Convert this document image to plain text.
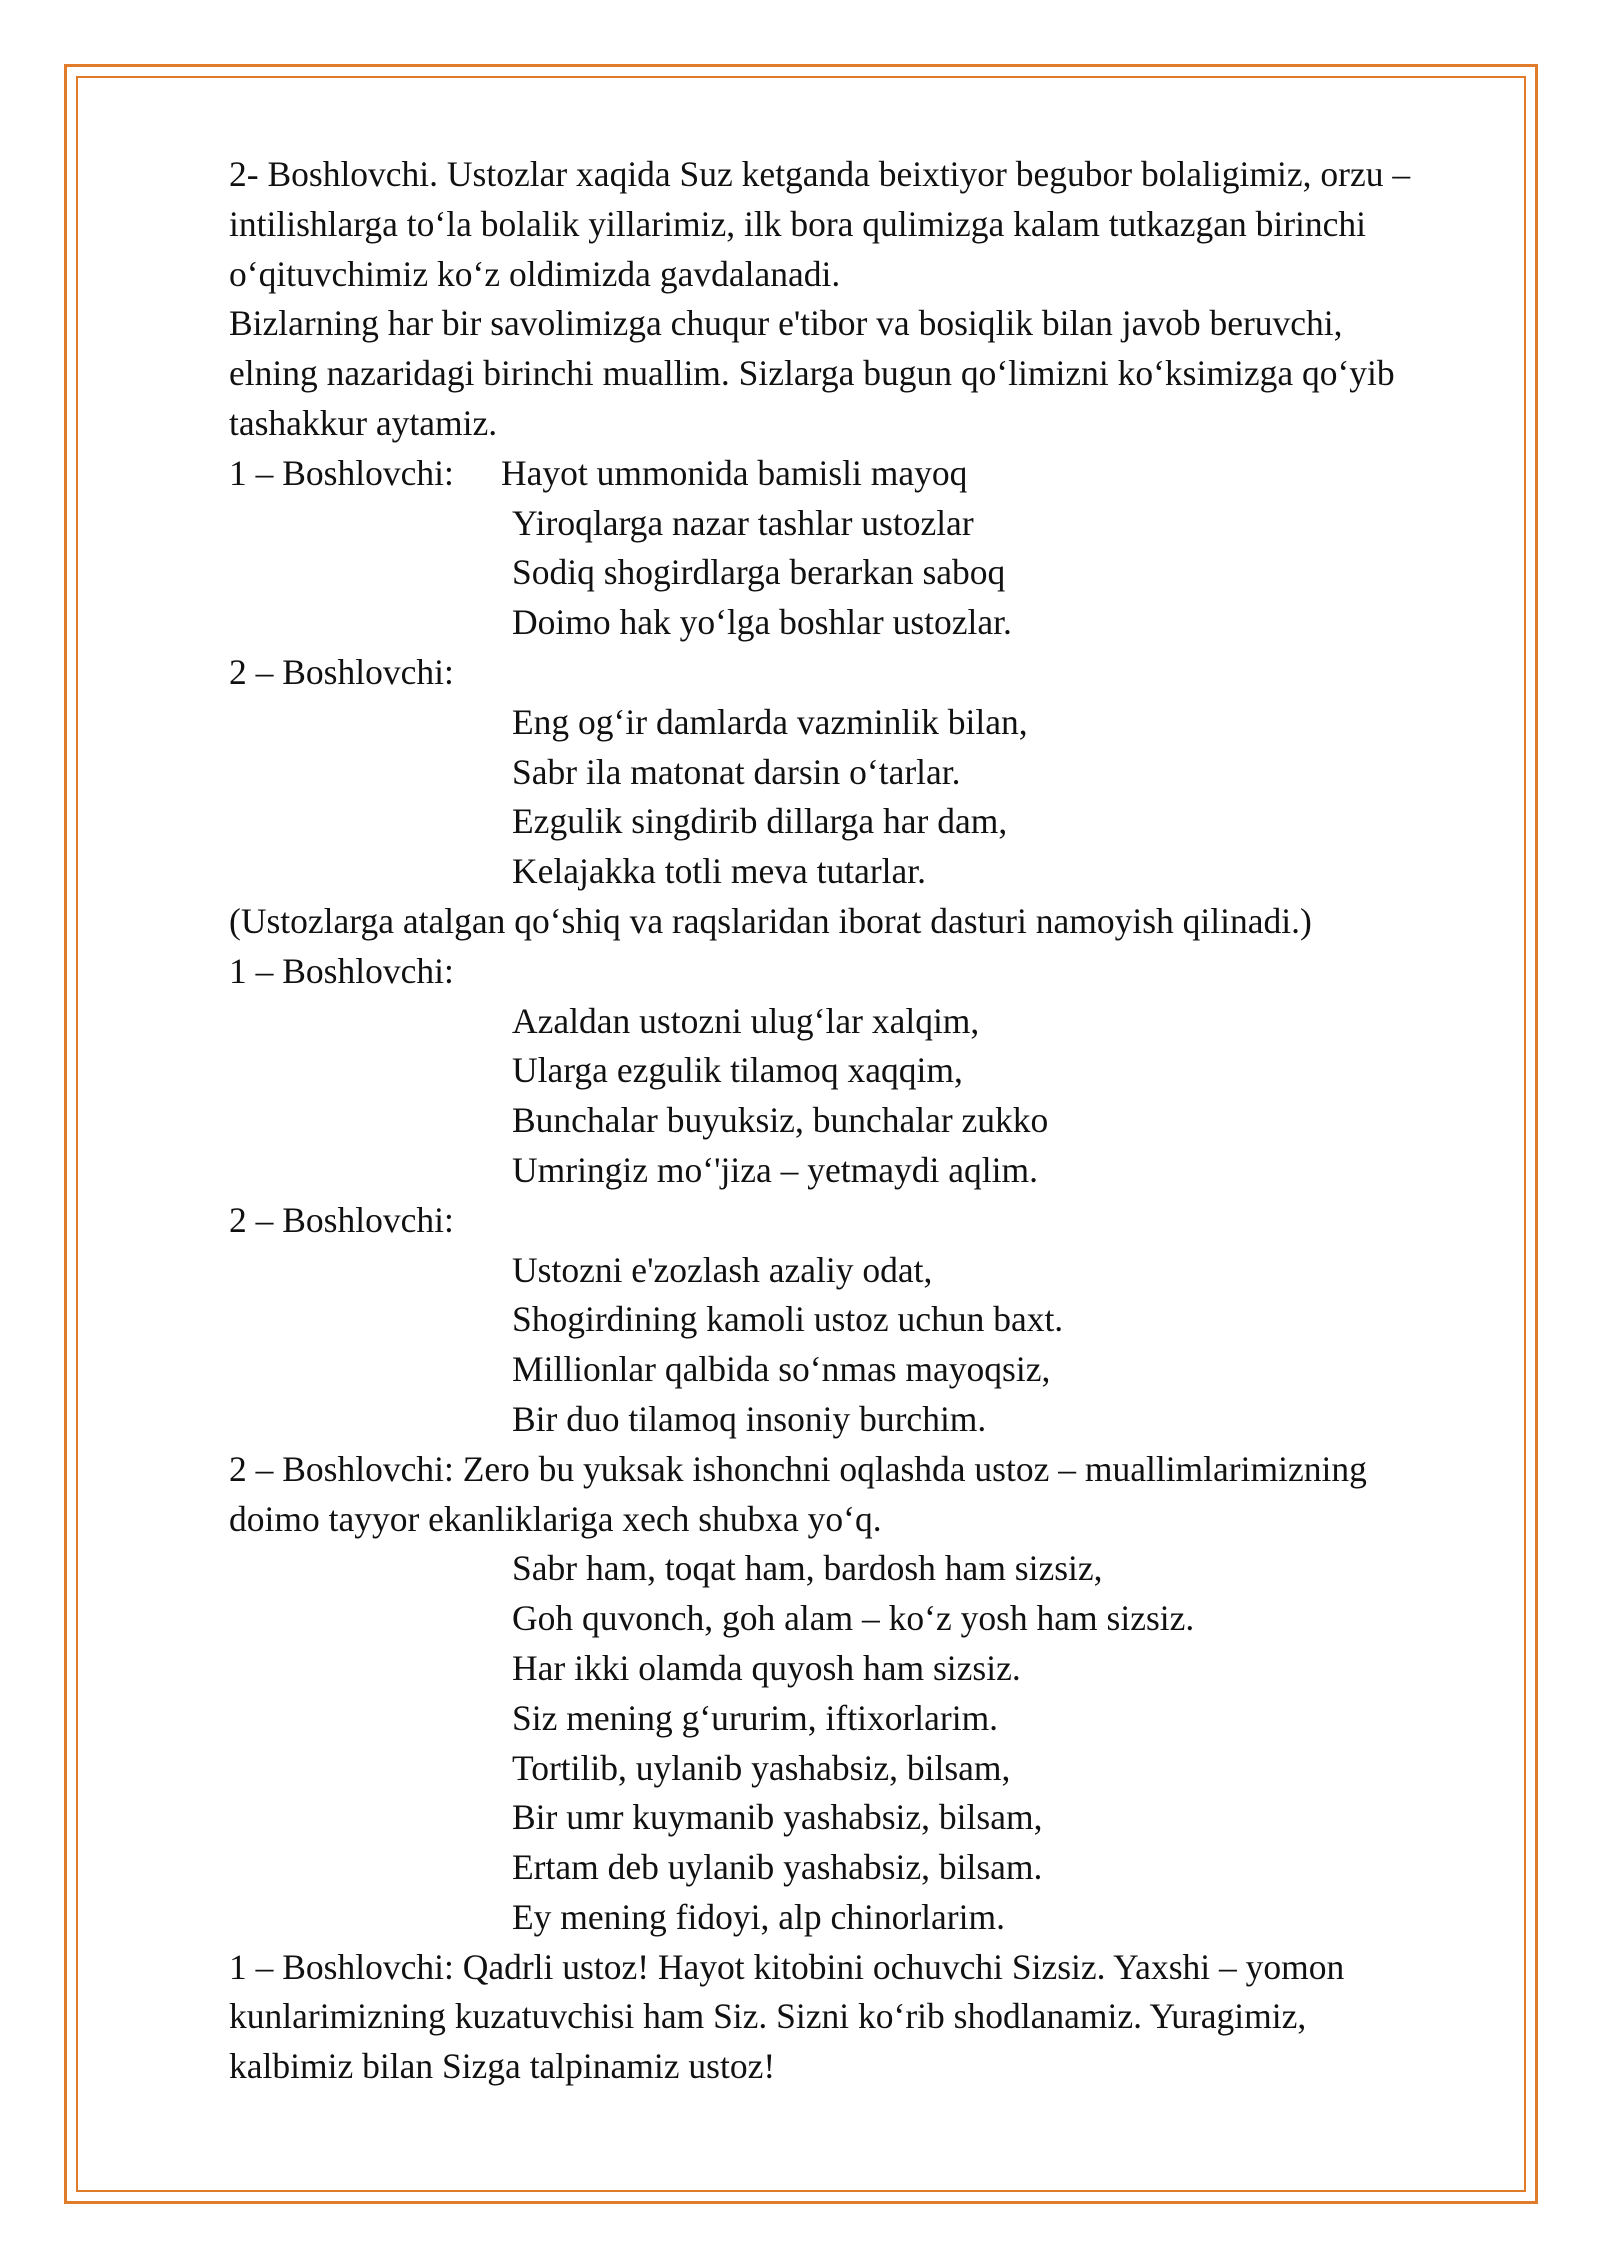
2- Boshlovchi. Ustozlar xaqida Suz ketganda beixtiyor begubor bolaligimiz, orzu –
intilishlarga to‘la bolalik yillarimiz, ilk bora qulimizga kalam tutkazgan birinchi
o‘qituvchimiz ko‘z oldimizda gavdalanadi.
Bizlarning har bir savolimizga chuqur e'tibor va bosiqlik bilan javob beruvchi,
elning nazaridagi birinchi muallim. Sizlarga bugun qo‘limizni ko‘ksimizga qo‘yib
tashakkur aytamiz.
1 – Boshlovchi: Hayot ummonida bamisli mayoq
Yiroqlarga nazar tashlar ustozlar
Sodiq shogirdlarga berarkan saboq
Doimo hak yo‘lga boshlar ustozlar.
2 – Boshlovchi:
Eng og‘ir damlarda vazminlik bilan,
Sabr ila matonat darsin o‘tarlar.
Ezgulik singdirib dillarga har dam,
Kelajakka totli meva tutarlar.
(Ustozlarga atalgan qo‘shiq va raqslaridan iborat dasturi namoyish qilinadi.)
1 – Boshlovchi:
Azaldan ustozni ulug‘lar xalqim,
Ularga ezgulik tilamoq xaqqim,
Bunchalar buyuksiz, bunchalar zukko
Umringiz mo‘'jiza – yetmaydi aqlim.
2 – Boshlovchi:
Ustozni e'zozlash azaliy odat,
Shogirdining kamoli ustoz uchun baxt.
Millionlar qalbida so‘nmas mayoqsiz,
Bir duo tilamoq insoniy burchim.
2 – Boshlovchi: Zero bu yuksak ishonchni oqlashda ustoz – muallimlarimizning
doimo tayyor ekanliklariga xech shubxa yo‘q.
Sabr ham, toqat ham, bardosh ham sizsiz,
Goh quvonch, goh alam – ko‘z yosh ham sizsiz.
Har ikki olamda quyosh ham sizsiz.
Siz mening g‘ururim, iftixorlarim.
Tortilib, uylanib yashabsiz, bilsam,
Bir umr kuymanib yashabsiz, bilsam,
Ertam deb uylanib yashabsiz, bilsam.
Ey mening fidoyi, alp chinorlarim.
1 – Boshlovchi: Qadrli ustoz! Hayot kitobini ochuvchi Sizsiz. Yaxshi – yomon
kunlarimizning kuzatuvchisi ham Siz. Sizni ko‘rib shodlanamiz. Yuragimiz,
kalbimiz bilan Sizga talpinamiz ustoz!
